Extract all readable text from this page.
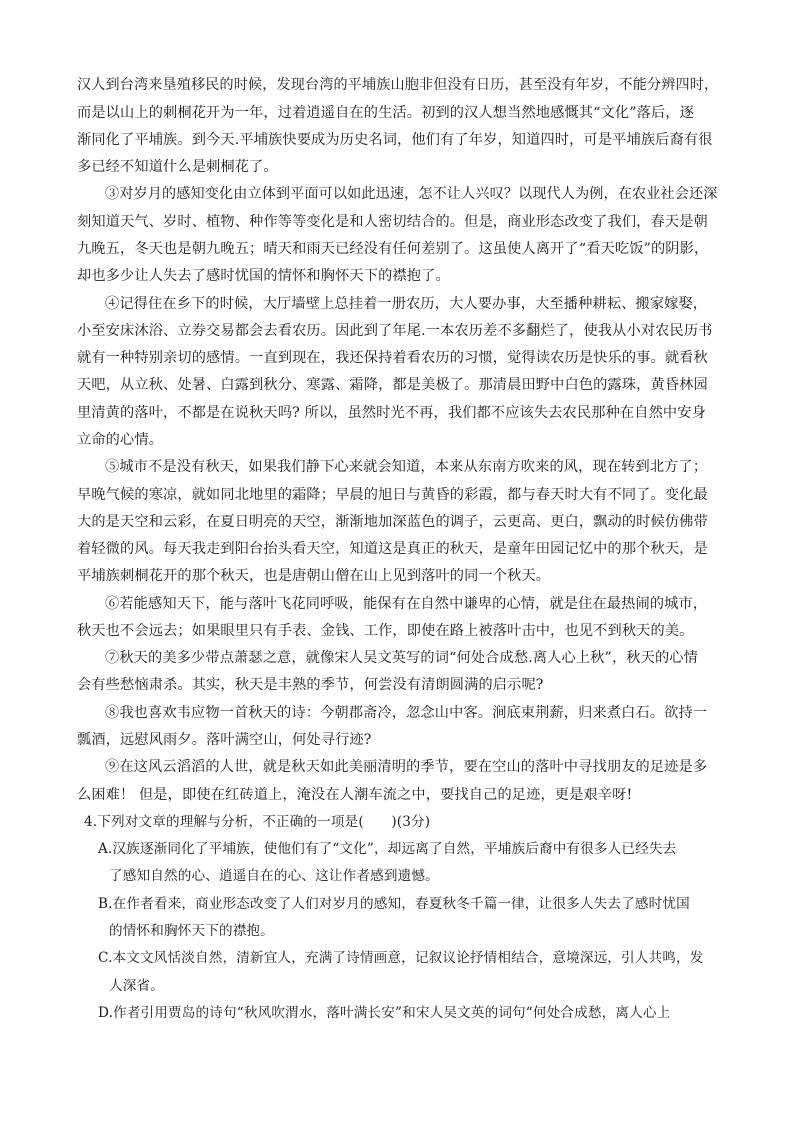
汉人到台湾来垦殖移民的时候，发现台湾的平埔族山胞非但没有日历，甚至没有年岁，不能分辨四时，
而是以山上的刺桐花开为一年，过着逍遥自在的生活。初到的汉人想当然地感慨其“文化”落后，逐
渐同化了平埔族。到今天.平埔族快要成为历史名词，他们有了年岁，知道四时，可是平埔族后裔有很
多已经不知道什么是刺桐花了。
③对岁月的感知变化由立体到平面可以如此迅速，怎不让人兴叹？以现代人为例，在农业社会还深
刻知道天气、岁时、植物、种作等等变化是和人密切结合的。但是，商业形态改变了我们，春天是朝
九晚五，冬天也是朝九晚五；晴天和雨天已经没有任何差别了。这虽使人离开了“看天吃饭”的阴影，
却也多少让人失去了感时忧国的情怀和胸怀天下的襟抱了。
④记得住在乡下的时候，大厅墙壁上总挂着一册农历，大人要办事，大至播种耕耘、搬家嫁娶，
小至安床沐浴、立券交易都会去看农历。因此到了年尾.一本农历差不多翻烂了，使我从小对农民历书
就有一种特别亲切的感情。一直到现在，我还保持着看农历的习惯，觉得读农历是快乐的事。就看秋
天吧，从立秋、处暑、白露到秋分、寒露、霜降，都是美极了。那清晨田野中白色的露珠，黄昏林园
里清黄的落叶，不都是在说秋天吗? 所以，虽然时光不再，我们都不应该失去农民那种在自然中安身
立命的心情。
⑤城市不是没有秋天，如果我们静下心来就会知道，本来从东南方吹来的风，现在转到北方了；
早晚气候的寒凉，就如同北地里的霜降；早晨的旭日与黄昏的彩霞，都与春天时大有不同了。变化最
大的是天空和云彩，在夏日明亮的天空，渐渐地加深蓝色的调子，云更高、更白，飘动的时候仿佛带
着轻微的风。每天我走到阳台抬头看天空，知道这是真正的秋天，是童年田园记忆中的那个秋天，是
平埔族刺桐花开的那个秋天，也是唐朝山僧在山上见到落叶的同一个秋天。
⑥若能感知天下，能与落叶飞花同呼吸，能保有在自然中谦卑的心情，就是住在最热闹的城市，
秋天也不会远去；如果眼里只有手表、金钱、工作，即使在路上被落叶击中，也见不到秋天的美。
⑦秋天的美多少带点萧瑟之意，就像宋人吴文英写的词“何处合成愁.离人心上秋”，秋天的心情
会有些愁恼肃杀。其实，秋天是丰熟的季节，何尝没有清朗圆满的启示呢?
⑧我也喜欢韦应物一首秋天的诗：今朝郡斋冷，忽念山中客。涧底束荆薪，归来煮白石。欲持一
瓢酒，远慰风雨夕。落叶满空山，何处寻行迹?
⑨在这风云滔滔的人世，就是秋天如此美丽清明的季节，要在空山的落叶中寻找朋友的足迹是多
么困难！ 但是，即使在红砖道上，淹没在人潮车流之中，要找自己的足迹，更是艰辛呀!
4.下列对文章的理解与分析，不正确的一项是(　　)(3分)
A.汉族逐渐同化了平埔族，使他们有了“文化”，却远离了自然，平埔族后裔中有很多人已经失去
了感知自然的心、逍遥自在的心、这让作者感到遗憾。
B.在作者看来，商业形态改变了人们对岁月的感知，春夏秋冬千篇一律，让很多人失去了感时忧国
的情怀和胸怀天下的襟抱。
C.本文文风恬淡自然，清新宜人，充满了诗情画意，记叙议论抒情相结合，意境深远，引人共鸣，发
人深省。
D.作者引用贾岛的诗句“秋风吹渭水，落叶满长安”和宋人吴文英的词句“何处合成愁，离人心上
